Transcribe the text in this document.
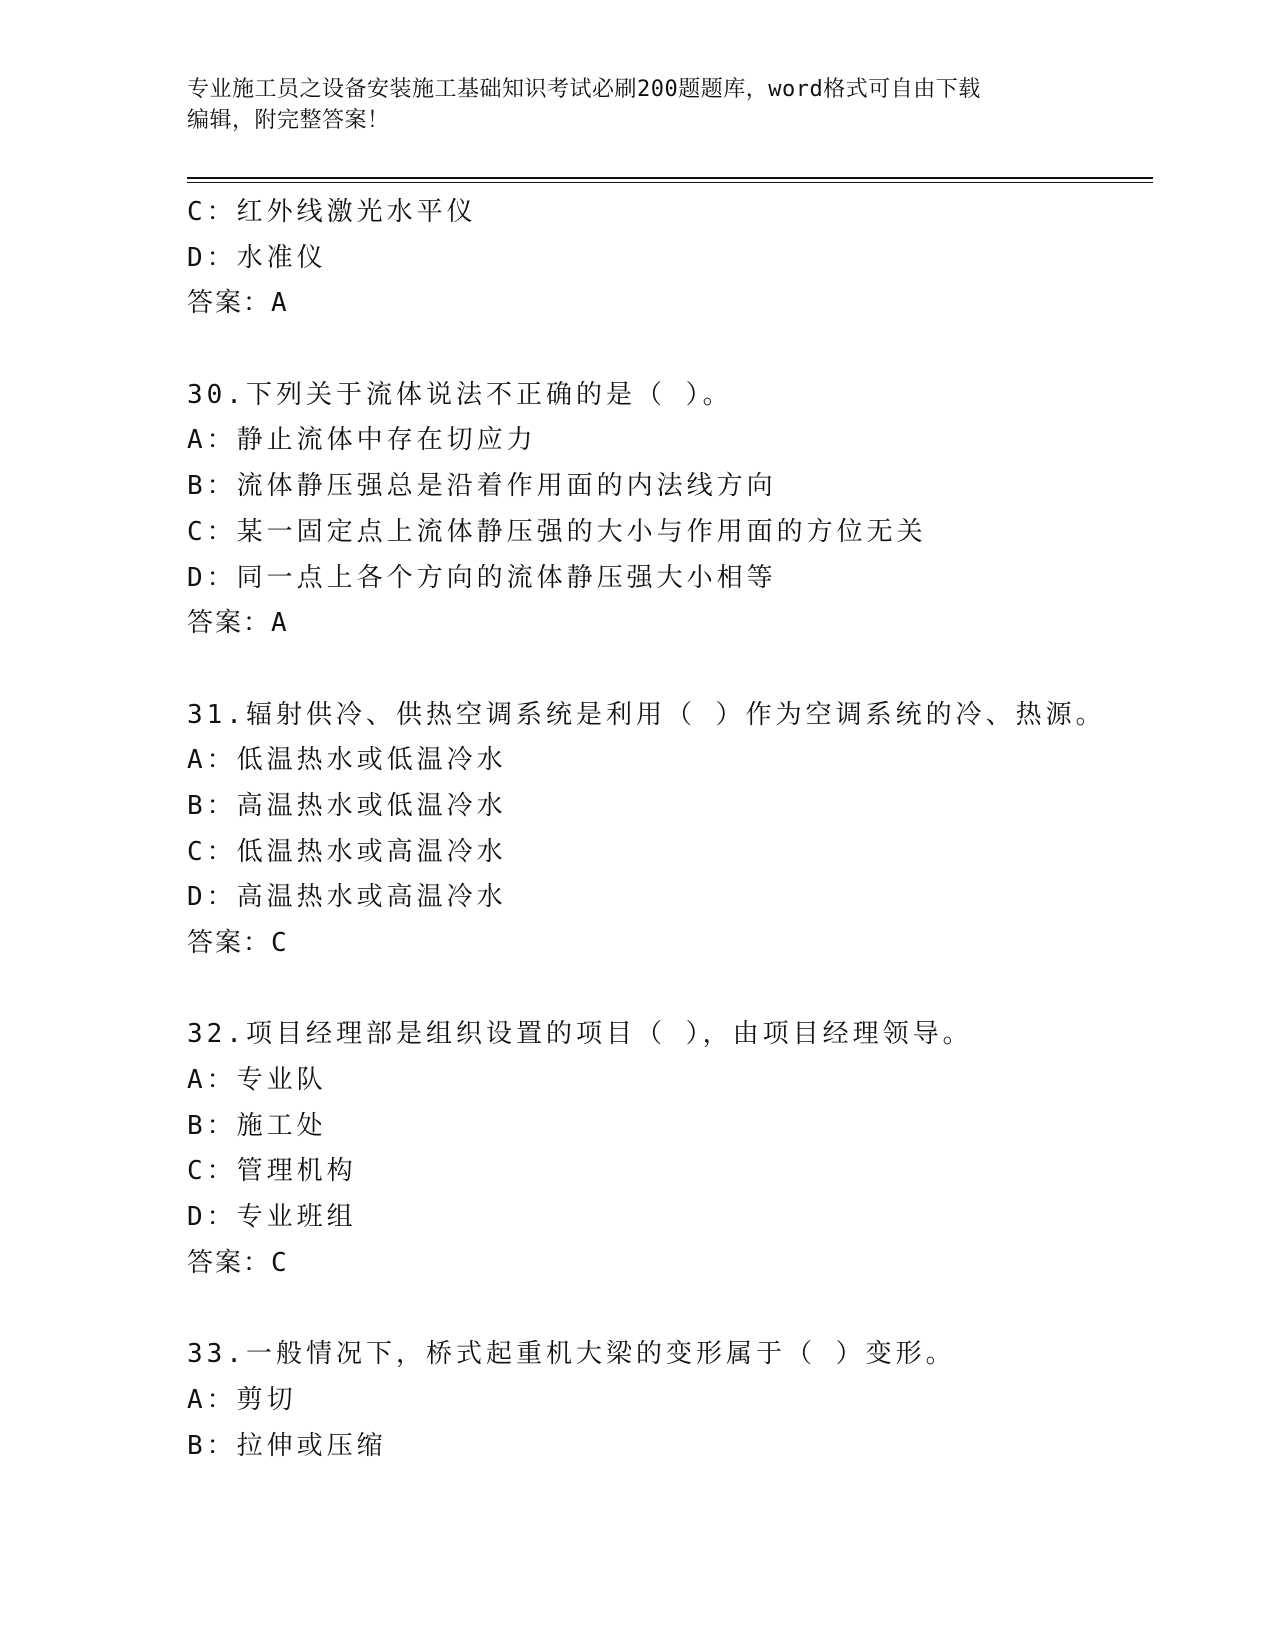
专业施工员之设备安装施工基础知识考试必刷200题题库，word格式可自由下载
编辑，附完整答案！
C：红外线激光水平仪
D：水准仪
答案：A
30.下列关于流体说法不正确的是（ ）。
A：静止流体中存在切应力
B：流体静压强总是沿着作用面的内法线方向
C：某一固定点上流体静压强的大小与作用面的方位无关
D：同一点上各个方向的流体静压强大小相等
答案：A
31.辐射供冷、供热空调系统是利用（ ）作为空调系统的冷、热源。
A：低温热水或低温冷水
B：高温热水或低温冷水
C：低温热水或高温冷水
D：高温热水或高温冷水
答案：C
32.项目经理部是组织设置的项目（ ），由项目经理领导。
A：专业队
B：施工处
C：管理机构
D：专业班组
答案：C
33.一般情况下，桥式起重机大梁的变形属于（ ）变形。
A：剪切
B：拉伸或压缩
